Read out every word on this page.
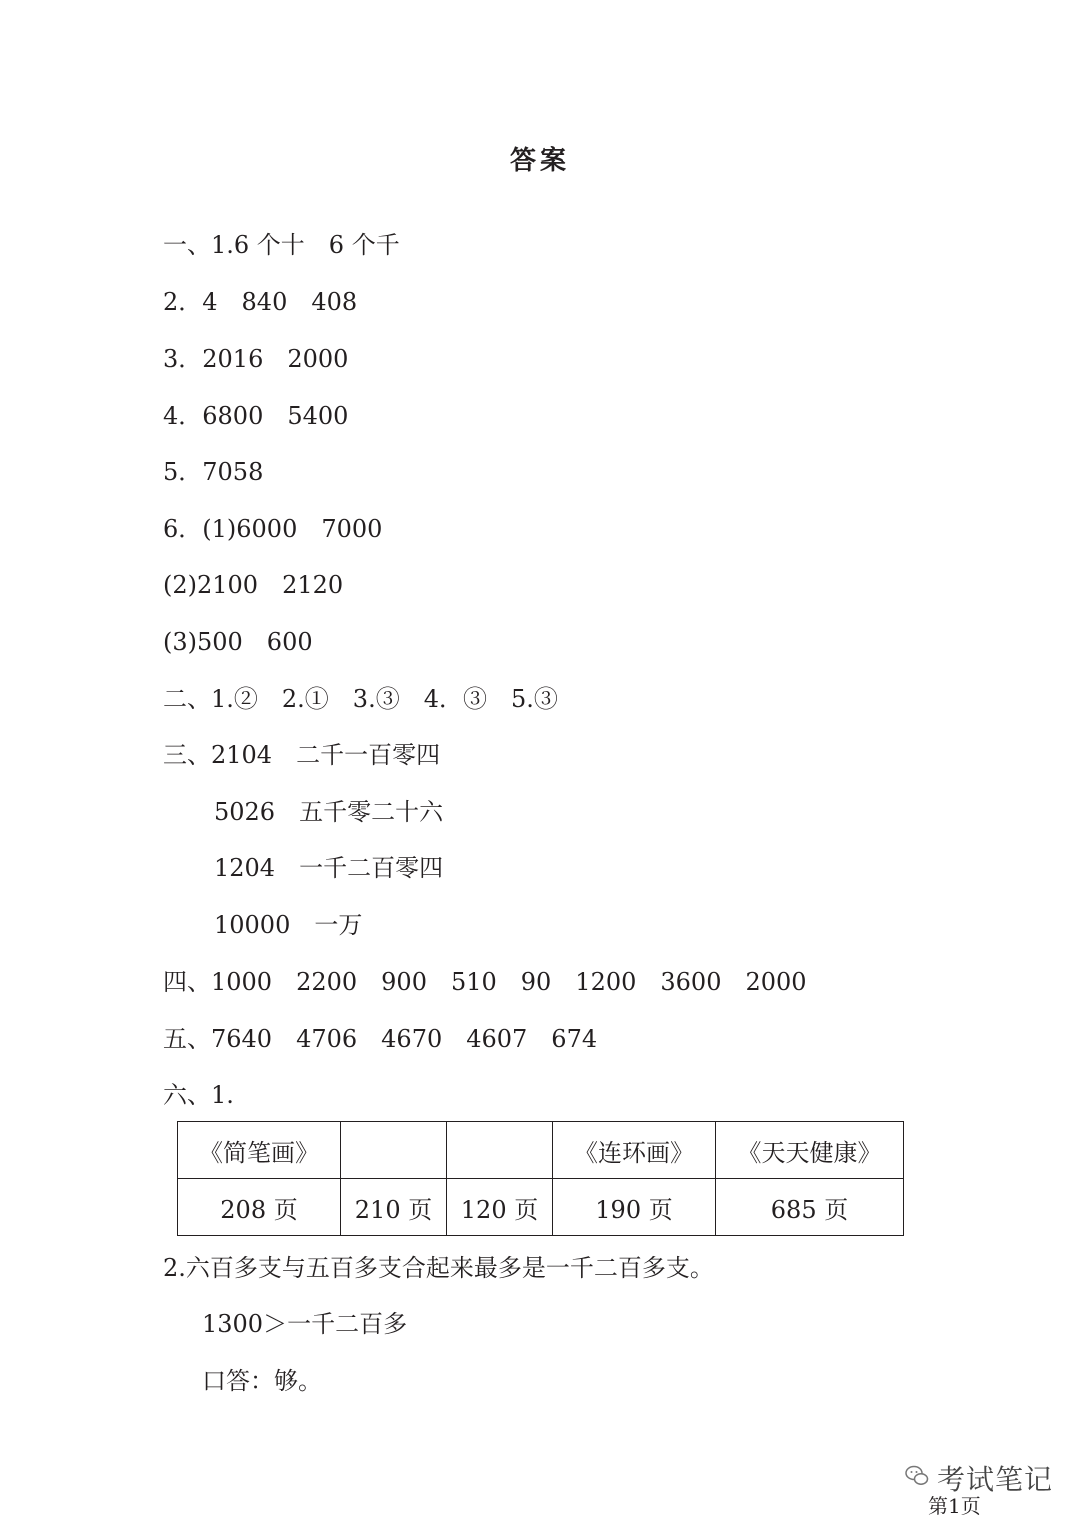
答案
一、1.6 个十　6 个千
2．4　840　408
3．2016　2000
4．6800　5400
5．7058
6．(1)6000　7000
(2)2100　2120
(3)500　600
二、1.②　2.①　3.③　4．③　5.③
三、2104　二千一百零四
5026　五千零二十六
1204　一千二百零四
10000　一万
四、1000　2200　900　510　90　1200　3600　2000
五、7640　4706　4670　4607　674
六、1.
《简笔画》			《连环画》	《天天健康》
208 页	210 页	120 页	190 页	685 页
2.六百多支与五百多支合起来最多是一千二百多支。
1300＞一千二百多
口答：够。
考试笔记
第1页
